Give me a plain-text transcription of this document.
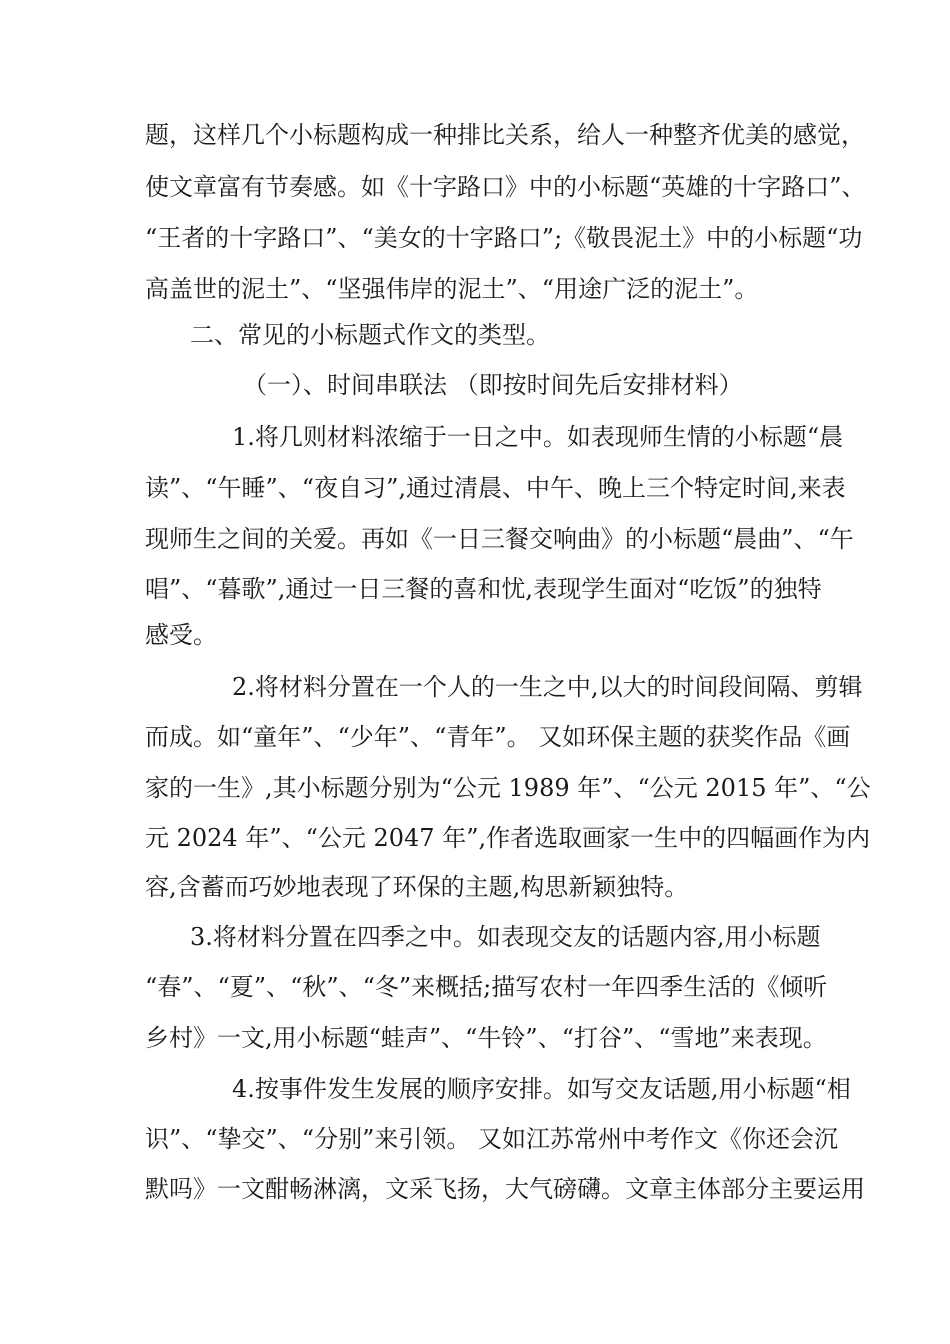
题，这样几个小标题构成一种排比关系，给人一种整齐优美的感觉，

使文章富有节奏感。如《十字路口》中的小标题“英雄的十字路口”、

“王者的十字路口”、“美女的十字路口”;《敬畏泥土》中的小标题“功

高盖世的泥土”、“坚强伟岸的泥土”、“用途广泛的泥土”。

二、常见的小标题式作文的类型。

（一）、时间串联法 （即按时间先后安排材料）

1.将几则材料浓缩于一日之中。如表现师生情的小标题“晨

读”、“午睡”、“夜自习”,通过清晨、中午、晚上三个特定时间,来表

现师生之间的关爱。再如《一日三餐交响曲》的小标题“晨曲”、“午

唱”、“暮歌”,通过一日三餐的喜和忧,表现学生面对“吃饭”的独特

感受。

2.将材料分置在一个人的一生之中,以大的时间段间隔、剪辑

而成。如“童年”、“少年”、“青年”。 又如环保主题的获奖作品《画

家的一生》,其小标题分别为“公元 1989 年”、“公元 2015 年”、“公

元 2024 年”、“公元 2047 年”,作者选取画家一生中的四幅画作为内

容,含蓄而巧妙地表现了环保的主题,构思新颖独特。

3.将材料分置在四季之中。如表现交友的话题内容,用小标题

“春”、“夏”、“秋”、“冬”来概括;描写农村一年四季生活的《倾听

乡村》一文,用小标题“蛙声”、“牛铃”、“打谷”、“雪地”来表现。

4.按事件发生发展的顺序安排。如写交友话题,用小标题“相

识”、“挚交”、“分别”来引领。 又如江苏常州中考作文《你还会沉

默吗》一文酣畅淋漓，文采飞扬，大气磅礴。文章主体部分主要运用
